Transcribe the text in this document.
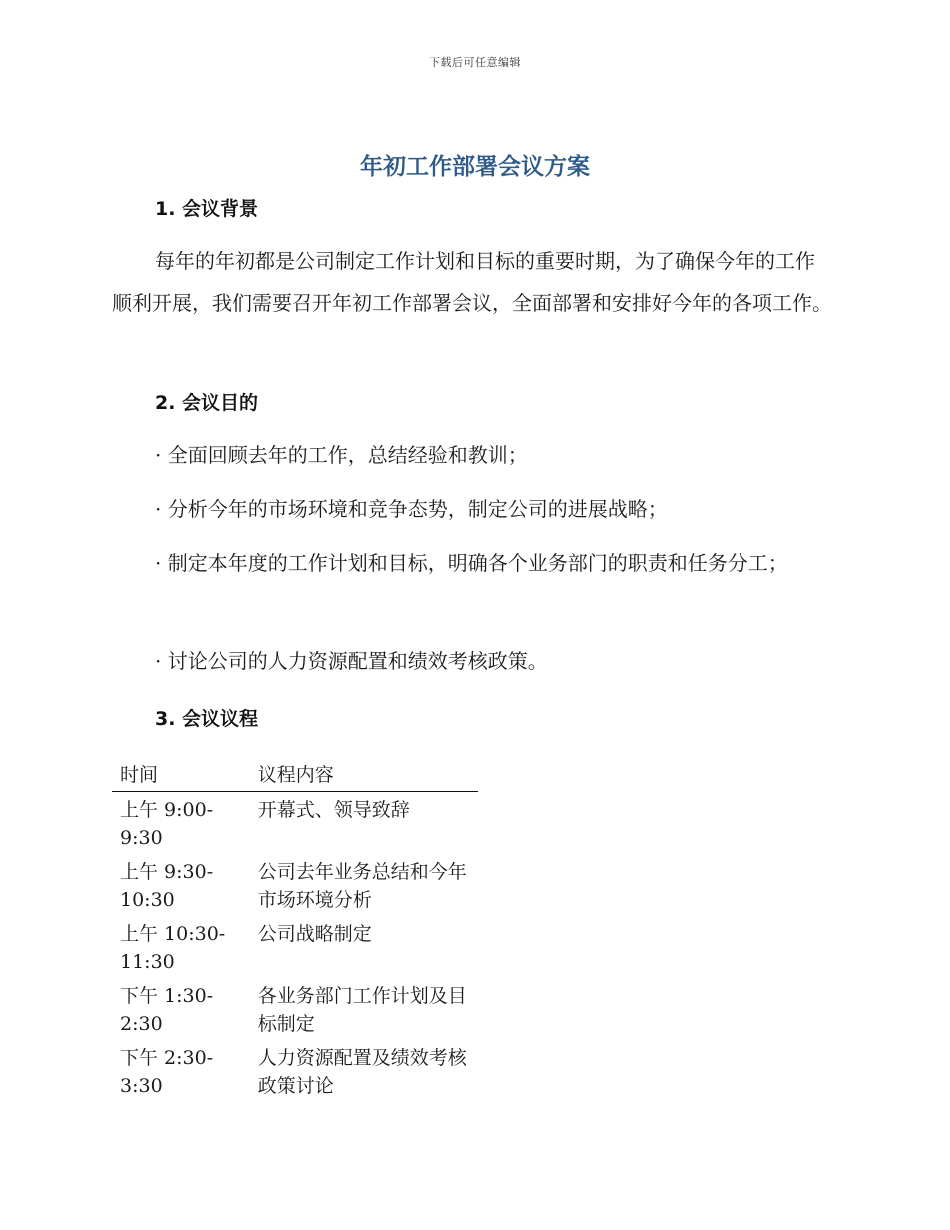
下载后可任意编辑
年初工作部署会议方案
1. 会议背景
每年的年初都是公司制定工作计划和目标的重要时期，为了确保今年的工作顺利开展，我们需要召开年初工作部署会议，全面部署和安排好今年的各项工作。
2. 会议目的
· 全面回顾去年的工作，总结经验和教训；
· 分析今年的市场环境和竞争态势，制定公司的进展战略；
· 制定本年度的工作计划和目标，明确各个业务部门的职责和任务分工；
· 讨论公司的人力资源配置和绩效考核政策。
3. 会议议程
时间	议程内容
上午 9:00-9:30	开幕式、领导致辞
上午 9:30-10:30	公司去年业务总结和今年市场环境分析
上午 10:30-11:30	公司战略制定
下午 1:30-2:30	各业务部门工作计划及目标制定
下午 2:30-3:30	人力资源配置及绩效考核政策讨论
